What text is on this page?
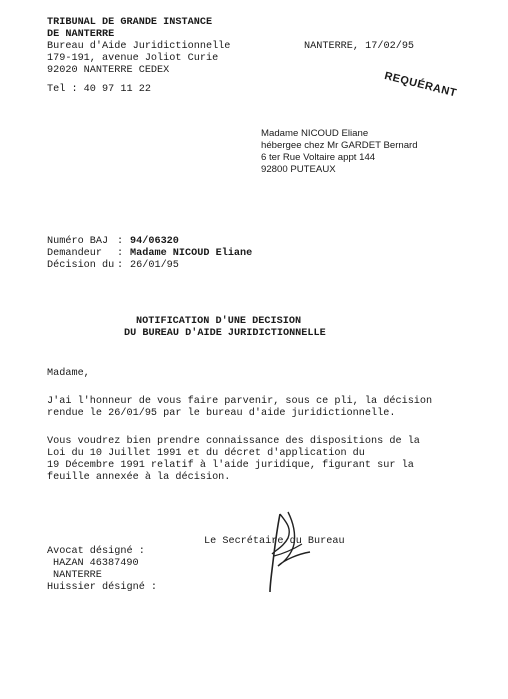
TRIBUNAL DE GRANDE INSTANCE
DE NANTERRE
Bureau d'Aide Juridictionnelle
179-191, avenue Joliot Curie
92020 NANTERRE CEDEX
Tel : 40 97 11 22
NANTERRE, 17/02/95
REQUÉRANT
Madame NICOUD Eliane
hébergee chez Mr GARDET Bernard
6 ter Rue Voltaire appt 144
92800 PUTEAUX
Numéro BAJ : 94/06320
Demandeur : Madame NICOUD Eliane
Décision du : 26/01/95
NOTIFICATION D'UNE DECISION
DU BUREAU D'AIDE JURIDICTIONNELLE
Madame,
J'ai l'honneur de vous faire parvenir, sous ce pli, la décision
rendue le 26/01/95 par le bureau d'aide juridictionnelle.
Vous voudrez bien prendre connaissance des dispositions de la
Loi du 10 Juillet 1991 et du décret d'application du
19 Décembre 1991 relatif à l'aide juridique, figurant sur la
feuille annexée à la décision.
Le Secrétaire du Bureau
Avocat désigné :
HAZAN 46387490
NANTERRE
Huissier désigné :
